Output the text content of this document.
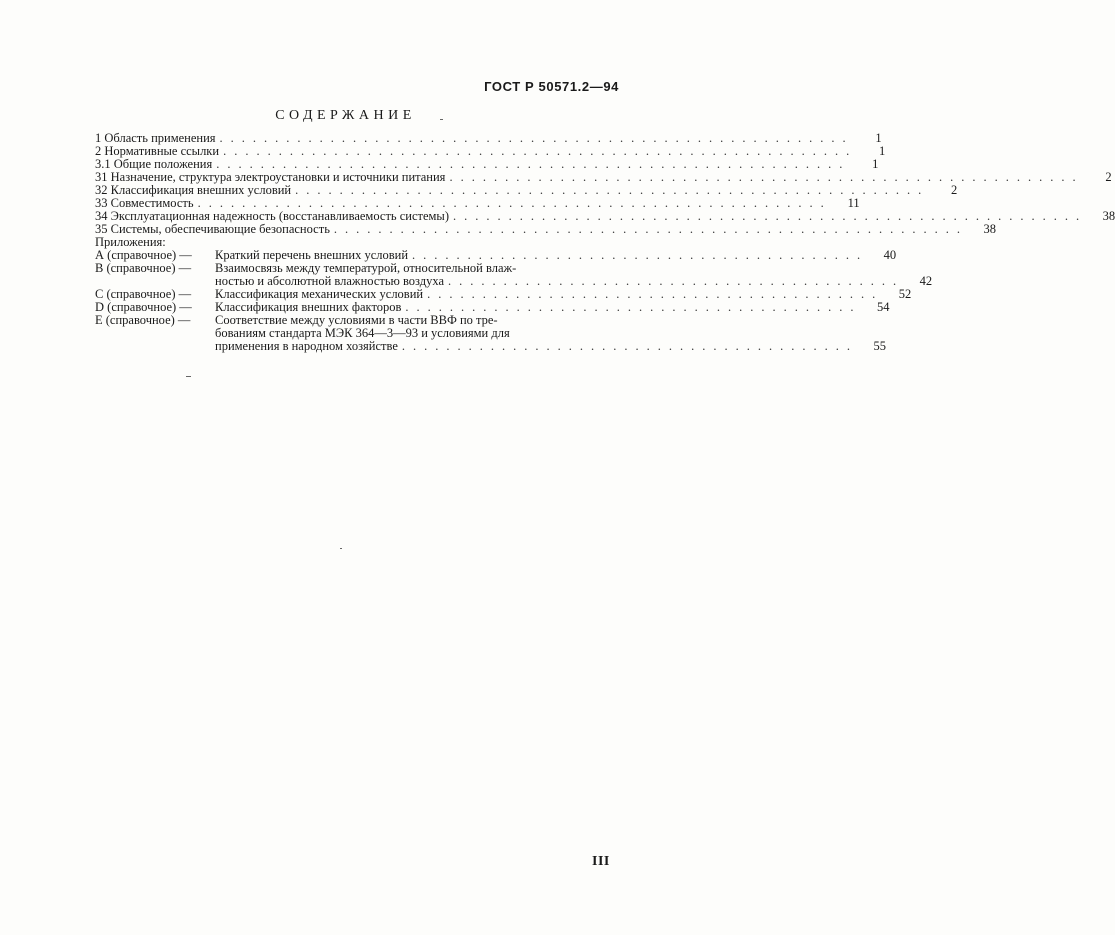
ГОСТ Р 50571.2—94
СОДЕРЖАНИЕ
1 Область применения .........................................................	1
2 Нормативные ссылки .........................................................	1
3.1 Общие положения .........................................................	1
31 Назначение, структура электроустановки и источники питания .........................................................	2
32 Классификация внешних условий .........................................................	2
33 Совместимость .........................................................	11
34 Эксплуатационная надежность (восстанавливаемость системы) .........................................................	38
35 Системы, обеспечивающие безопасность .........................................................	38
Приложения:
А (справочное) —	Краткий перечень внешних условий .........................................	40
В (справочное) —	Взаимосвязь между температурой, относительной влаж-
ностью и абсолютной влажностью воздуха .........................................	42
С (справочное) —	Классификация механических условий .........................................	52
D (справочное) —	Классификация внешних факторов .........................................	54
Е (справочное) —	Соответствие между условиями в части ВВФ по тре-
бованиям стандарта МЭК 364—3—93 и условиями для
применения в народном хозяйстве .........................................	55
III
